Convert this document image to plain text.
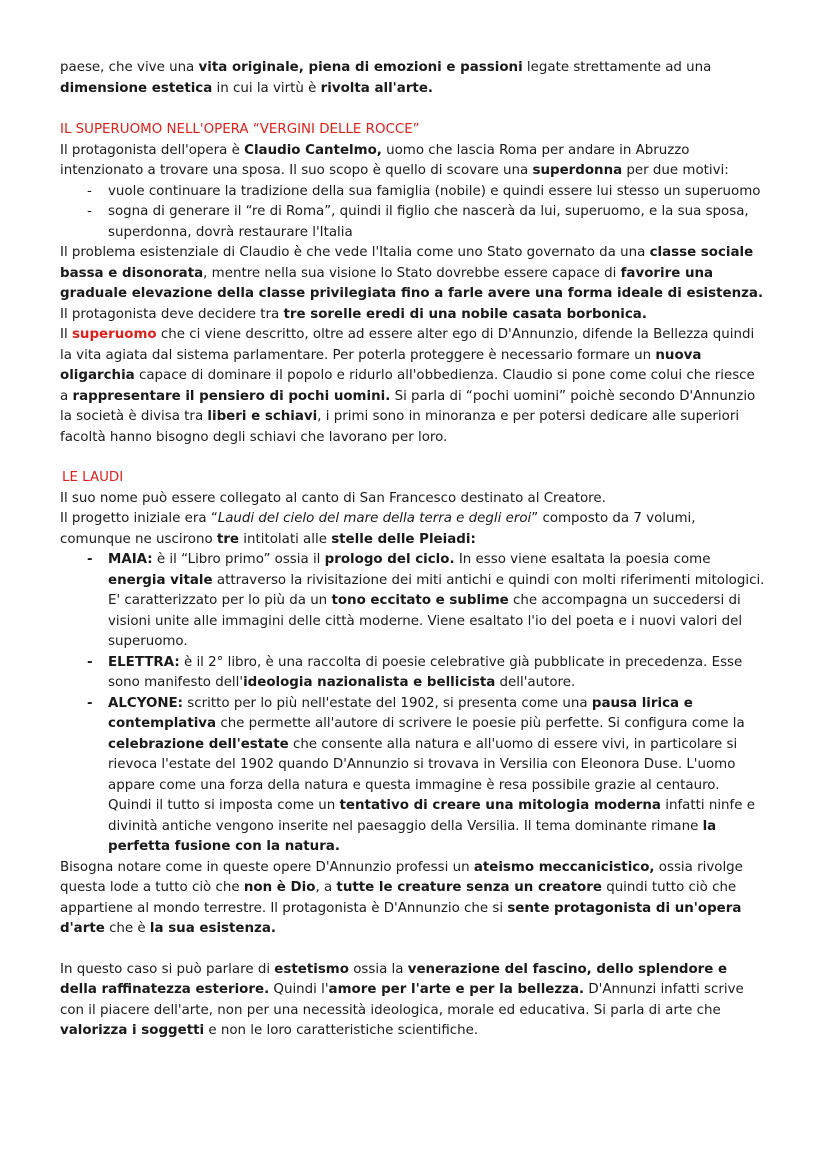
paese, che vive una vita originale, piena di emozioni e passioni legate strettamente ad una dimensione estetica in cui la virtù è rivolta all'arte.

IL SUPERUOMO NELL'OPERA “VERGINI DELLE ROCCE”

Il protagonista dell'opera è Claudio Cantelmo, uomo che lascia Roma per andare in Abruzzo intenzionato a trovare una sposa. Il suo scopo è quello di scovare una superdonna per due motivi:

- vuole continuare la tradizione della sua famiglia (nobile) e quindi essere lui stesso un superuomo
- sogna di generare il “re di Roma”, quindi il figlio che nascerà da lui, superuomo, e la sua sposa, superdonna, dovrà restaurare l'Italia

Il problema esistenziale di Claudio è che vede l'Italia come uno Stato governato da una classe sociale bassa e disonorata, mentre nella sua visione lo Stato dovrebbe essere capace di favorire una graduale elevazione della classe privilegiata fino a farle avere una forma ideale di esistenza.

Il protagonista deve decidere tra tre sorelle eredi di una nobile casata borbonica.

Il superuomo che ci viene descritto, oltre ad essere alter ego di D'Annunzio, difende la Bellezza quindi la vita agiata dal sistema parlamentare. Per poterla proteggere è necessario formare un nuova oligarchia capace di dominare il popolo e ridurlo all'obbedienza. Claudio si pone come colui che riesce a rappresentare il pensiero di pochi uomini. Si parla di “pochi uomini” poichè secondo D'Annunzio la società è divisa tra liberi e schiavi, i primi sono in minoranza e per potersi dedicare alle superiori facoltà hanno bisogno degli schiavi che lavorano per loro.

LE LAUDI

Il suo nome può essere collegato al canto di San Francesco destinato al Creatore.

Il progetto iniziale era “Laudi del cielo del mare della terra e degli eroi” composto da 7 volumi, comunque ne uscirono tre intitolati alle stelle delle Pleiadi:

- MAIA: è il “Libro primo” ossia il prologo del ciclo. In esso viene esaltata la poesia come energia vitale attraverso la rivisitazione dei miti antichi e quindi con molti riferimenti mitologici. E' caratterizzato per lo più da un tono eccitato e sublime che accompagna un succedersi di visioni unite alle immagini delle città moderne. Viene esaltato l'io del poeta e i nuovi valori del superuomo.
- ELETTRA: è il 2° libro, è una raccolta di poesie celebrative già pubblicate in precedenza. Esse sono manifesto dell'ideologia nazionalista e bellicista dell'autore.
- ALCYONE: scritto per lo più nell'estate del 1902, si presenta come una pausa lirica e contemplativa che permette all'autore di scrivere le poesie più perfette. Si configura come la celebrazione dell'estate che consente alla natura e all'uomo di essere vivi, in particolare si rievoca l'estate del 1902 quando D'Annunzio si trovava in Versilia con Eleonora Duse. L'uomo appare come una forza della natura e questa immagine è resa possibile grazie al centauro. Quindi il tutto si imposta come un tentativo di creare una mitologia moderna infatti ninfe e divinità antiche vengono inserite nel paesaggio della Versilia. Il tema dominante rimane la perfetta fusione con la natura.

Bisogna notare come in queste opere D'Annunzio professi un ateismo meccanicistico, ossia rivolge questa lode a tutto ciò che non è Dio, a tutte le creature senza un creatore quindi tutto ciò che appartiene al mondo terrestre. Il protagonista è D'Annunzio che si sente protagonista di un'opera d'arte che è la sua esistenza.

In questo caso si può parlare di estetismo ossia la venerazione del fascino, dello splendore e della raffinatezza esteriore. Quindi l'amore per l'arte e per la bellezza. D'Annunzi infatti scrive con il piacere dell'arte, non per una necessità ideologica, morale ed educativa. Si parla di arte che valorizza i soggetti e non le loro caratteristiche scientifiche.
